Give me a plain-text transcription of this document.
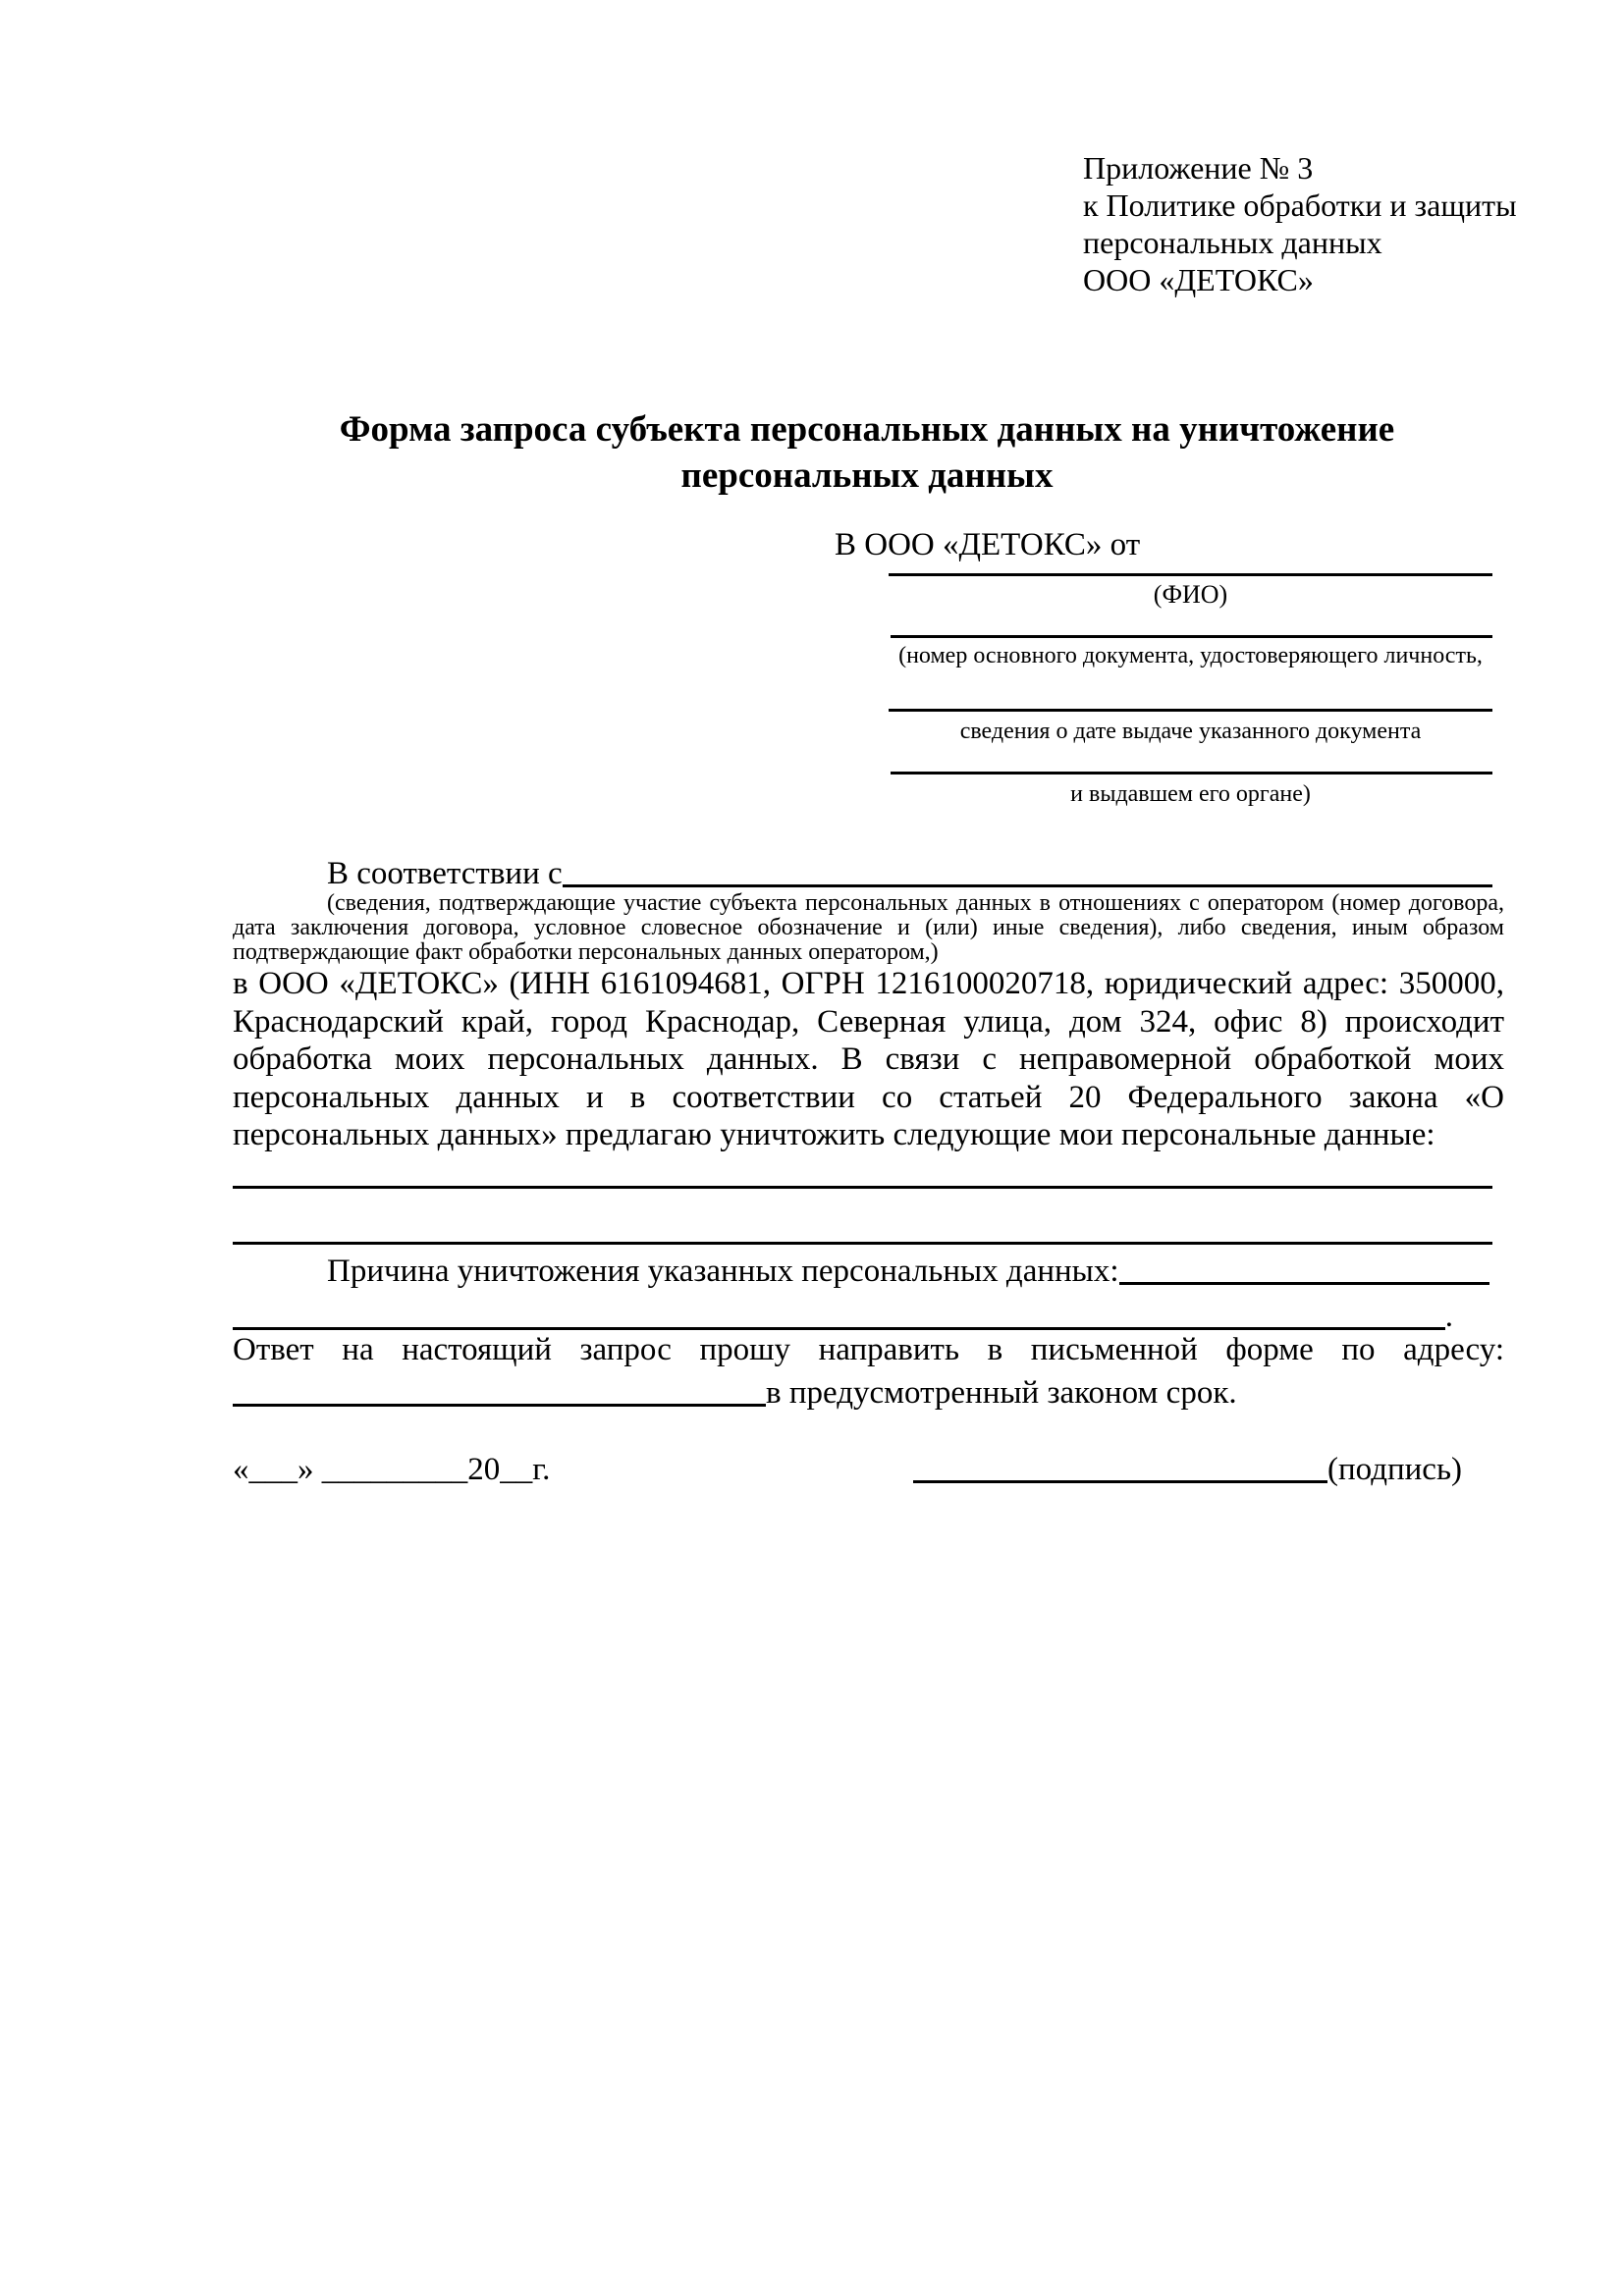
Приложение № 3
к Политике обработки и защиты
персональных данных
ООО «ДЕТОКС»
Форма запроса субъекта персональных данных на уничтожение персональных данных
В ООО «ДЕТОКС» от
(ФИО)
(номер основного документа, удостоверяющего личность,
сведения о дате выдаче указанного документа
и выдавшем его органе)
В соответствии с
(сведения, подтверждающие участие субъекта персональных данных в отношениях с оператором (номер договора, дата заключения договора, условное словесное обозначение и (или) иные сведения), либо сведения, иным образом подтверждающие факт обработки персональных данных оператором,)
в ООО «ДЕТОКС» (ИНН 6161094681, ОГРН 1216100020718, юридический адрес: 350000, Краснодарский край, город Краснодар, Северная улица, дом 324, офис 8) происходит обработка моих персональных данных. В связи с неправомерной обработкой моих персональных данных и в соответствии со статьей 20 Федерального закона «О персональных данных» предлагаю уничтожить следующие мои персональные данные:
Причина уничтожения указанных персональных данных:
.
Ответ на настоящий запрос прошу направить в письменной форме по адресу:
в предусмотренный законом срок.
«___» _________20__г.	(подпись)
